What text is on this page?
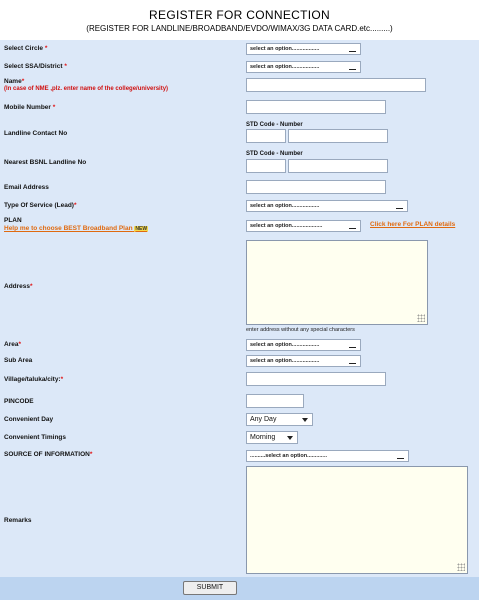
REGISTER FOR CONNECTION
(REGISTER FOR LANDLINE/BROADBAND/EVDO/WIMAX/3G DATA CARD.etc.........)
Select Circle *	select an option..................
Select SSA/District *	select an option..................
Name*
(In case of NME ,plz. enter name of the college/university)
Mobile Number *
STD Code - Number
Landline Contact No
STD Code - Number
Nearest BSNL Landline No
Email Address
Type Of Service (Lead)*	select an option..................
PLAN
Help me to choose BEST Broadband Plan NEW	select an option....................	Click here For PLAN details
Address*
enter address without any special characters
Area*	select an option..................
Sub Area	select an option..................
Village/taluka/city:*
PINCODE
Convenient Day	Any Day
Convenient Timings	Morning
SOURCE OF INFORMATION*	..........select an option.............
Remarks
SUBMIT
